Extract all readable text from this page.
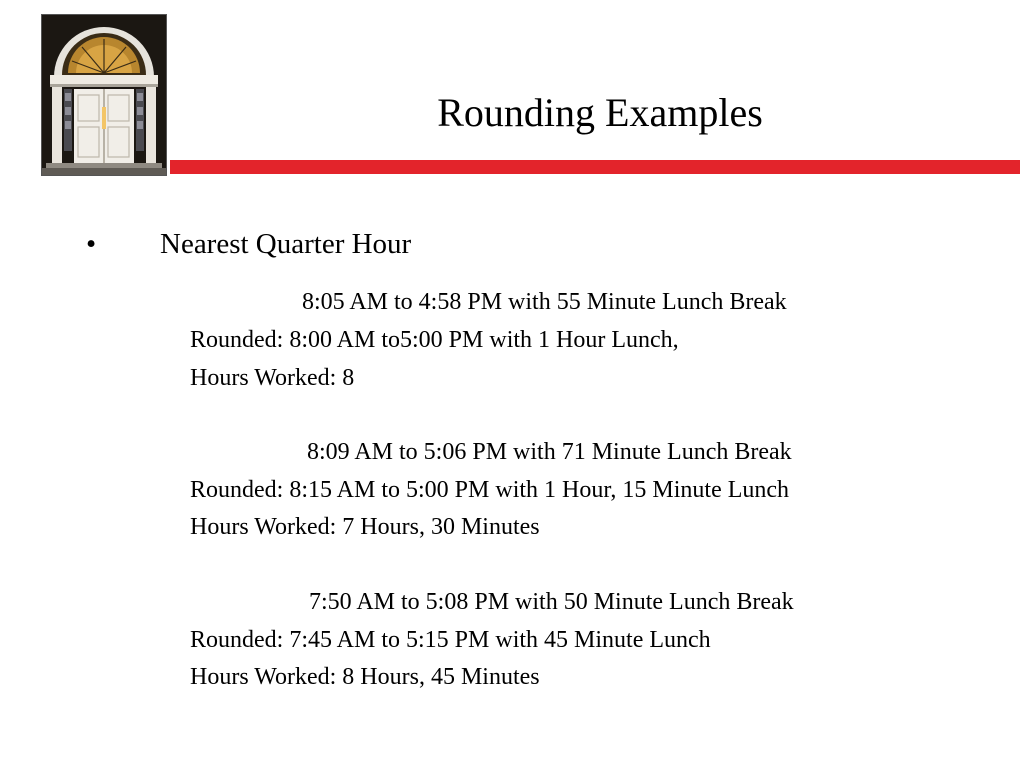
Rounding Examples
• Nearest Quarter Hour
8:05 AM to 4:58 PM with 55 Minute Lunch Break
Rounded: 8:00 AM to5:00 PM with 1 Hour Lunch,
Hours Worked: 8
8:09 AM to 5:06 PM with 71 Minute Lunch Break
Rounded: 8:15 AM to 5:00 PM with 1 Hour, 15 Minute Lunch
Hours Worked: 7 Hours, 30 Minutes
7:50 AM to 5:08 PM with 50 Minute Lunch Break
Rounded: 7:45 AM to 5:15 PM with 45 Minute Lunch
Hours Worked: 8 Hours, 45 Minutes
